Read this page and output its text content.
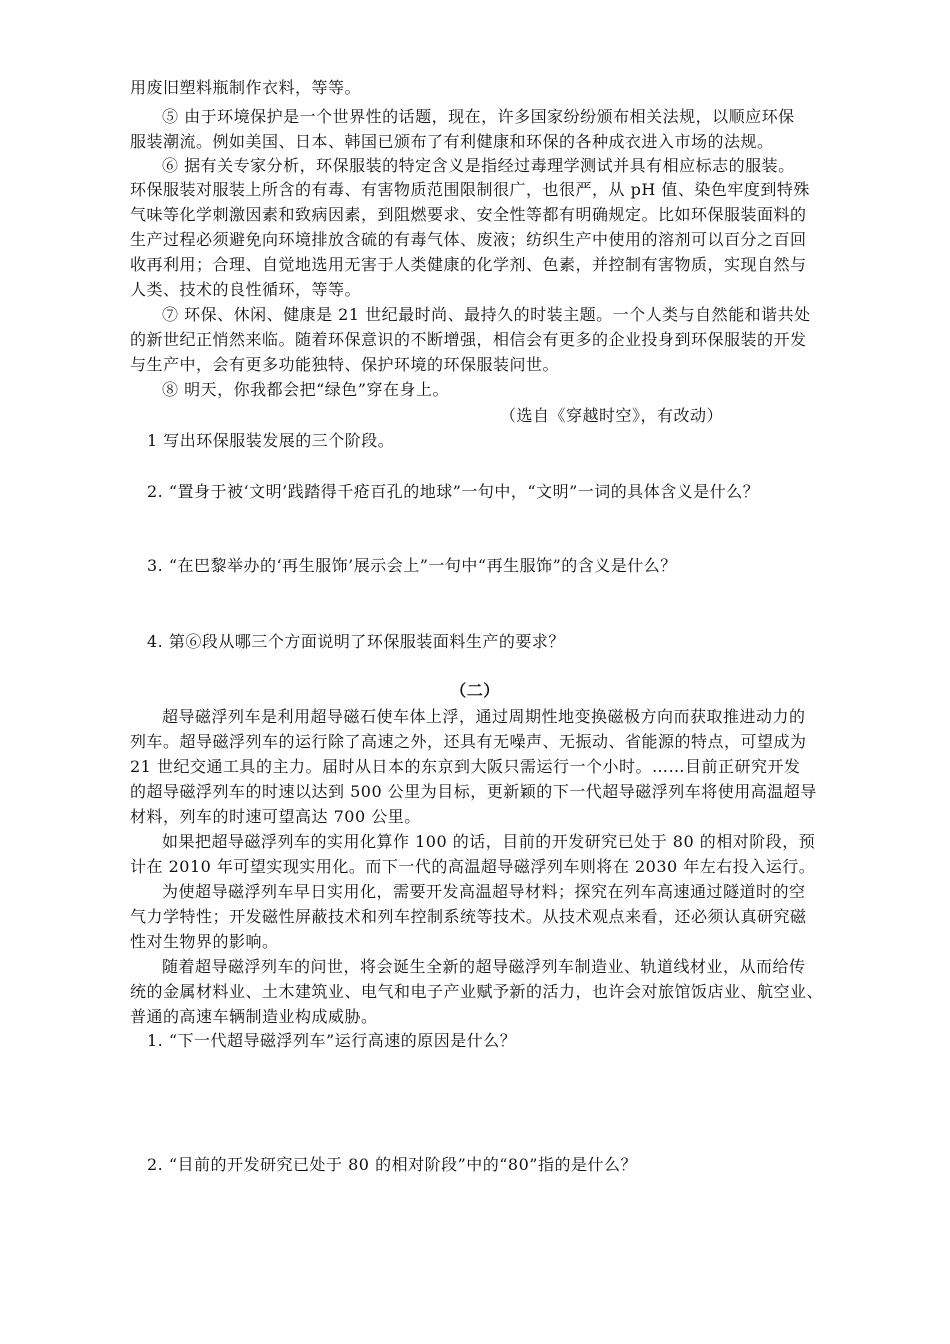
用废旧塑料瓶制作衣料，等等。
⑤ 由于环境保护是一个世界性的话题，现在，许多国家纷纷颁布相关法规，以顺应环保
服装潮流。例如美国、日本、韩国已颁布了有利健康和环保的各种成衣进入市场的法规。
⑥ 据有关专家分析，环保服装的特定含义是指经过毒理学测试并具有相应标志的服装。
环保服装对服装上所含的有毒、有害物质范围限制很广，也很严，从 pH 值、染色牢度到特殊
气味等化学刺激因素和致病因素，到阻燃要求、安全性等都有明确规定。比如环保服装面料的
生产过程必须避免向环境排放含硫的有毒气体、废液；纺织生产中使用的溶剂可以百分之百回
收再利用；合理、自觉地选用无害于人类健康的化学剂、色素，并控制有害物质，实现自然与
人类、技术的良性循环，等等。
⑦ 环保、休闲、健康是 21 世纪最时尚、最持久的时装主题。一个人类与自然能和谐共处
的新世纪正悄然来临。随着环保意识的不断增强，相信会有更多的企业投身到环保服装的开发
与生产中，会有更多功能独特、保护环境的环保服装问世。
⑧ 明天，你我都会把“绿色”穿在身上。
（选自《穿越时空》，有改动）
1 写出环保服装发展的三个阶段。
2. “置身于被‘文明’践踏得千疮百孔的地球”一句中，“文明”一词的具体含义是什么？
3. “在巴黎举办的‘再生服饰’展示会上”一句中“再生服饰”的含义是什么？
4. 第⑥段从哪三个方面说明了环保服装面料生产的要求？
（二）
超导磁浮列车是利用超导磁石使车体上浮，通过周期性地变换磁极方向而获取推进动力的
列车。超导磁浮列车的运行除了高速之外，还具有无噪声、无振动、省能源的特点，可望成为
21 世纪交通工具的主力。届时从日本的东京到大阪只需运行一个小时。……目前正研究开发
的超导磁浮列车的时速以达到 500 公里为目标，更新颖的下一代超导磁浮列车将使用高温超导
材料，列车的时速可望高达 700 公里。
如果把超导磁浮列车的实用化算作 100 的话，目前的开发研究已处于 80 的相对阶段，预
计在 2010 年可望实现实用化。而下一代的高温超导磁浮列车则将在 2030 年左右投入运行。
为使超导磁浮列车早日实用化，需要开发高温超导材料；探究在列车高速通过隧道时的空
气力学特性；开发磁性屏蔽技术和列车控制系统等技术。从技术观点来看，还必须认真研究磁
性对生物界的影响。
随着超导磁浮列车的问世，将会诞生全新的超导磁浮列车制造业、轨道线材业，从而给传
统的金属材料业、土木建筑业、电气和电子产业赋予新的活力，也许会对旅馆饭店业、航空业、
普通的高速车辆制造业构成威胁。
1. “下一代超导磁浮列车”运行高速的原因是什么？
2. “目前的开发研究已处于 80 的相对阶段”中的“80”指的是什么？
